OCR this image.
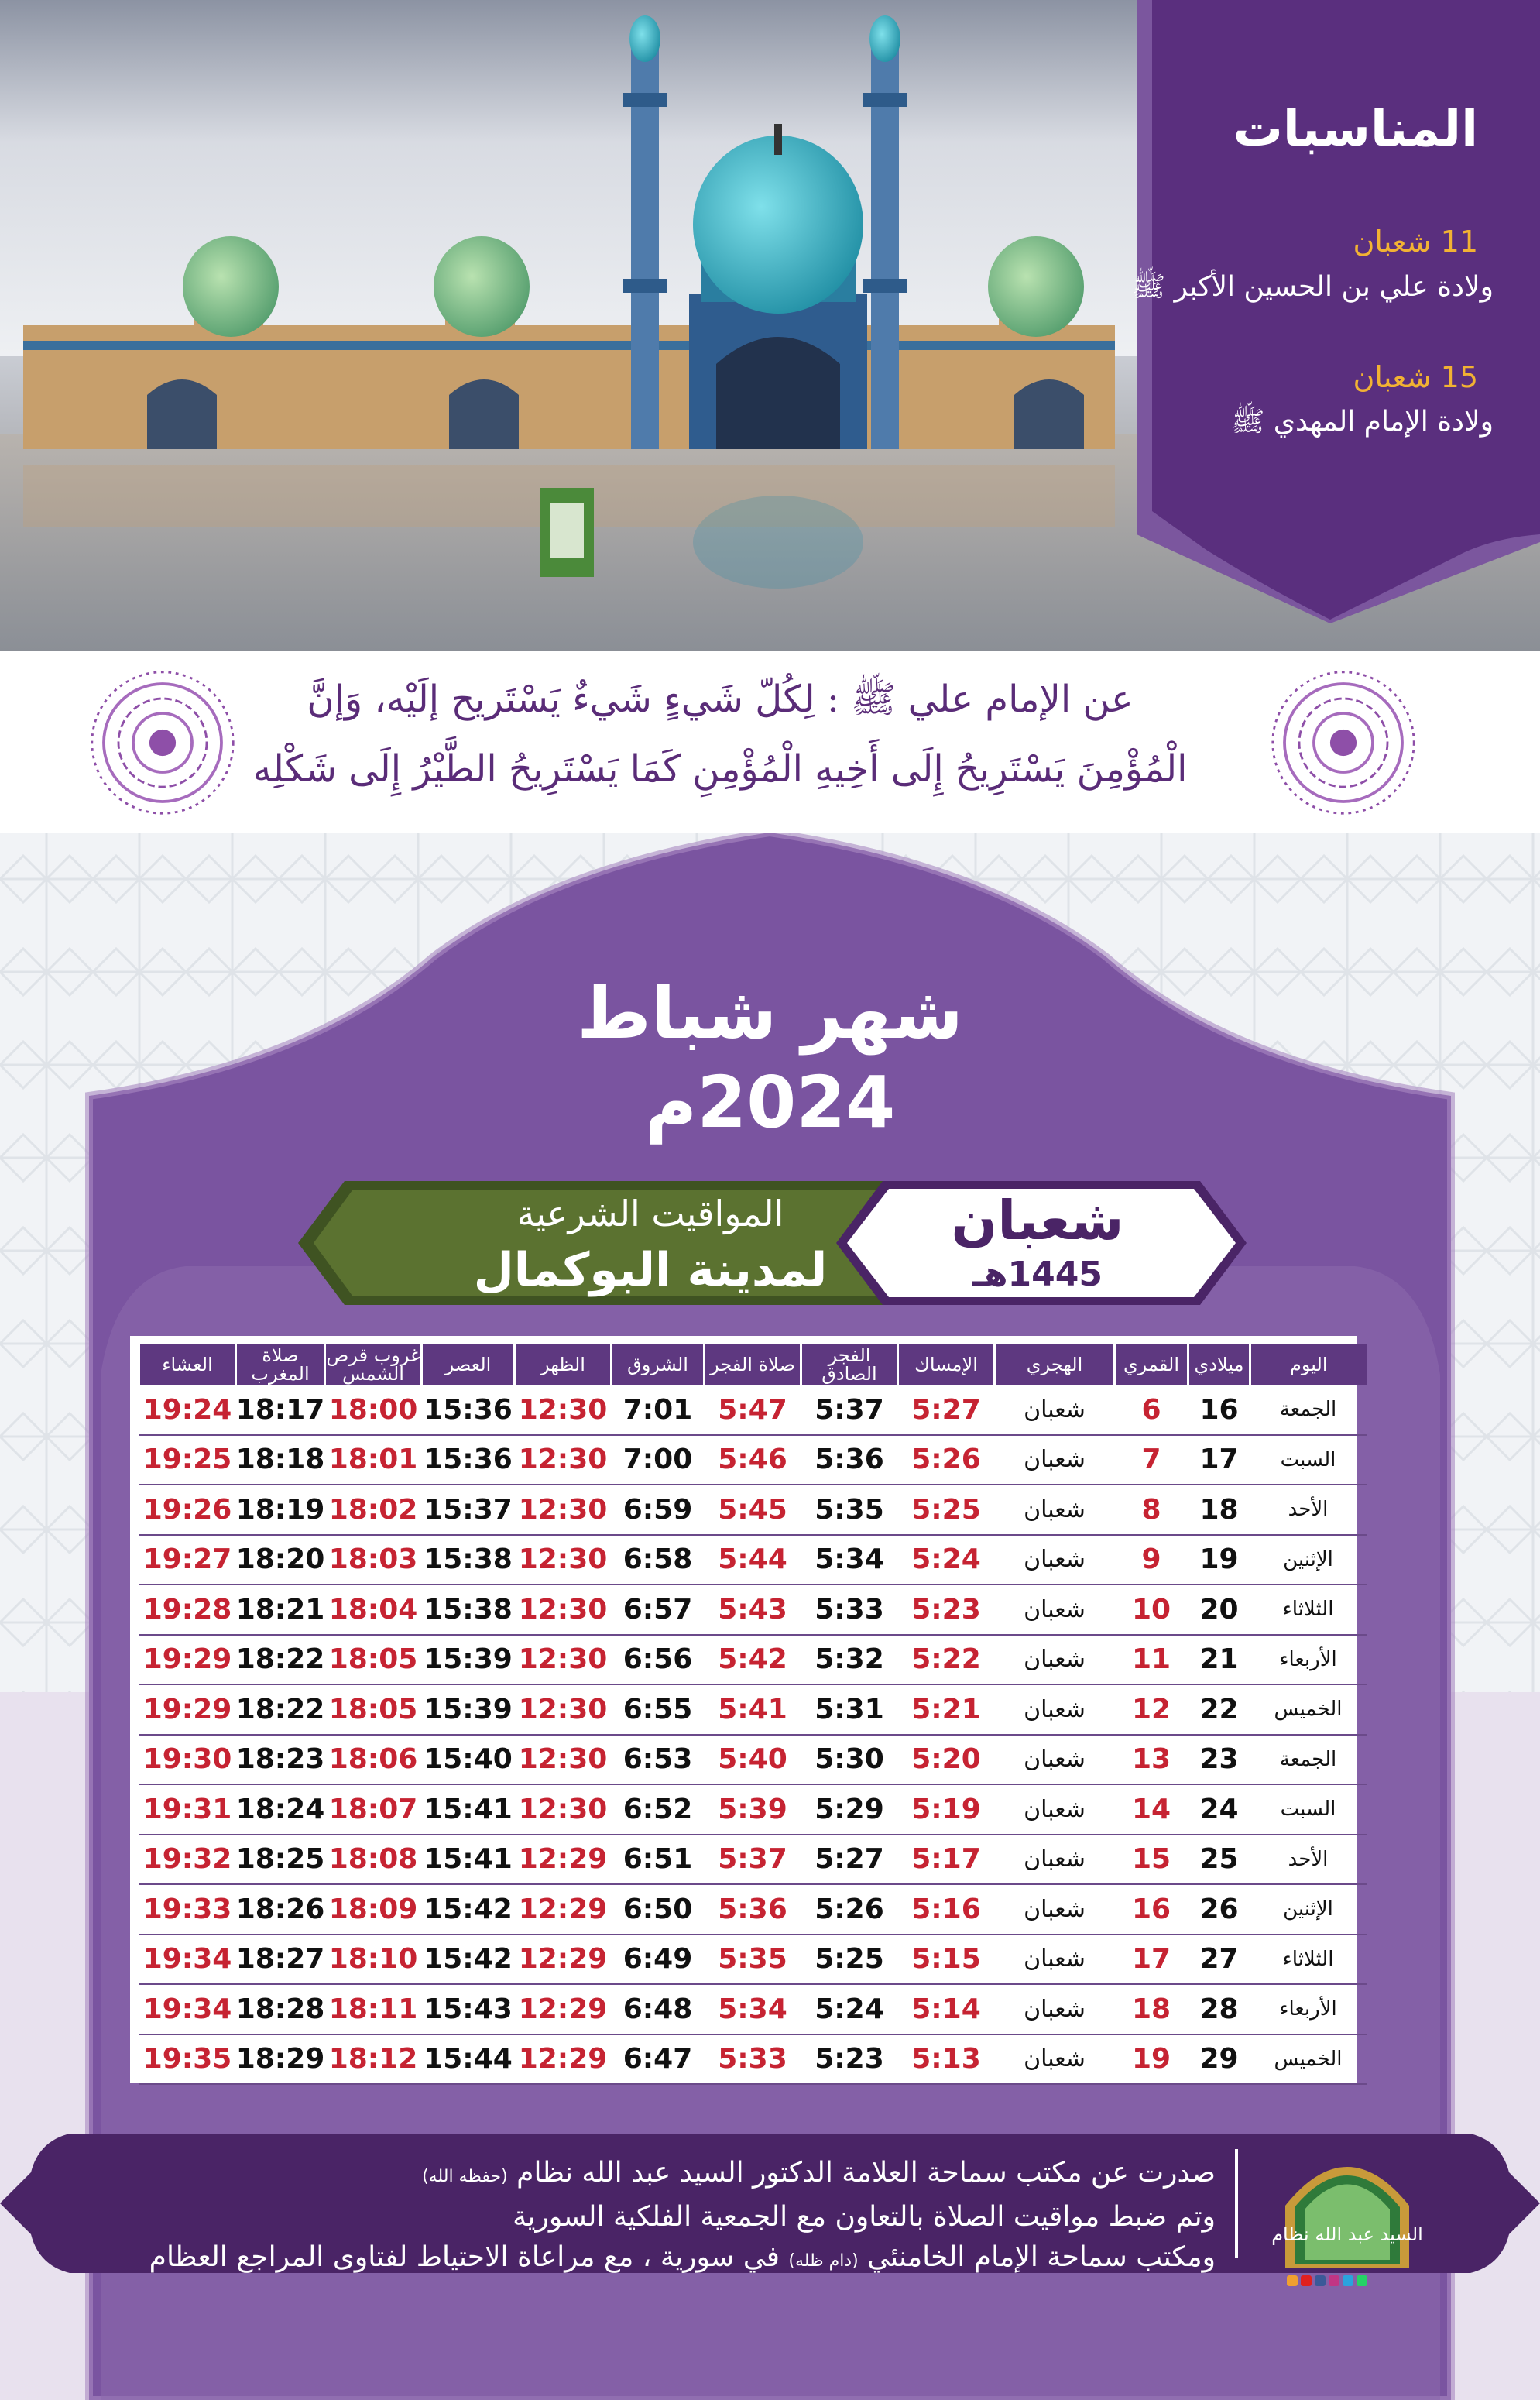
المناسبات
11 شعبان
ولادة علي بن الحسين الأكبر ﷺ
15 شعبان
ولادة الإمام المهدي ﷺ
عن الإمام علي ﷺ : لِكُلّ شَيءٍ شَيءٌ يَسْتَريح إلَيْه، وَإنَّ
الْمُؤْمِنَ يَسْتَرِيحُ إِلَى أَخِيهِ الْمُؤْمِنِ كَمَا يَسْتَرِيحُ الطَّيْرُ إِلَى شَكْلِه
شهر شباط
2024م
المواقيت الشرعية
لمدينة البوكمال
شعبان
1445هـ
اليوم	ميلادي	القمري	الهجري	الإمساك	الفجر الصادق	صلاة الفجر	الشروق	الظهر	العصر	غروب قرص الشمس	صلاة المغرب	العشاء
الجمعة	16	6	شعبان	5:27	5:37	5:47	7:01	12:30	15:36	18:00	18:17	19:24
السبت	17	7	شعبان	5:26	5:36	5:46	7:00	12:30	15:36	18:01	18:18	19:25
الأحد	18	8	شعبان	5:25	5:35	5:45	6:59	12:30	15:37	18:02	18:19	19:26
الإثنين	19	9	شعبان	5:24	5:34	5:44	6:58	12:30	15:38	18:03	18:20	19:27
الثلاثاء	20	10	شعبان	5:23	5:33	5:43	6:57	12:30	15:38	18:04	18:21	19:28
الأربعاء	21	11	شعبان	5:22	5:32	5:42	6:56	12:30	15:39	18:05	18:22	19:29
الخميس	22	12	شعبان	5:21	5:31	5:41	6:55	12:30	15:39	18:05	18:22	19:29
الجمعة	23	13	شعبان	5:20	5:30	5:40	6:53	12:30	15:40	18:06	18:23	19:30
السبت	24	14	شعبان	5:19	5:29	5:39	6:52	12:30	15:41	18:07	18:24	19:31
الأحد	25	15	شعبان	5:17	5:27	5:37	6:51	12:29	15:41	18:08	18:25	19:32
الإثنين	26	16	شعبان	5:16	5:26	5:36	6:50	12:29	15:42	18:09	18:26	19:33
الثلاثاء	27	17	شعبان	5:15	5:25	5:35	6:49	12:29	15:42	18:10	18:27	19:34
الأربعاء	28	18	شعبان	5:14	5:24	5:34	6:48	12:29	15:43	18:11	18:28	19:34
الخميس	29	19	شعبان	5:13	5:23	5:33	6:47	12:29	15:44	18:12	18:29	19:35
صدرت عن مكتب سماحة العلامة الدكتور السيد عبد الله نظام (حفظه الله)
وتم ضبط مواقيت الصلاة بالتعاون مع الجمعية الفلكية السورية
ومكتب سماحة الإمام الخامنئي (دام ظله) في سورية ، مع مراعاة الاحتياط لفتاوى المراجع العظام
السيد عبد الله نظام
